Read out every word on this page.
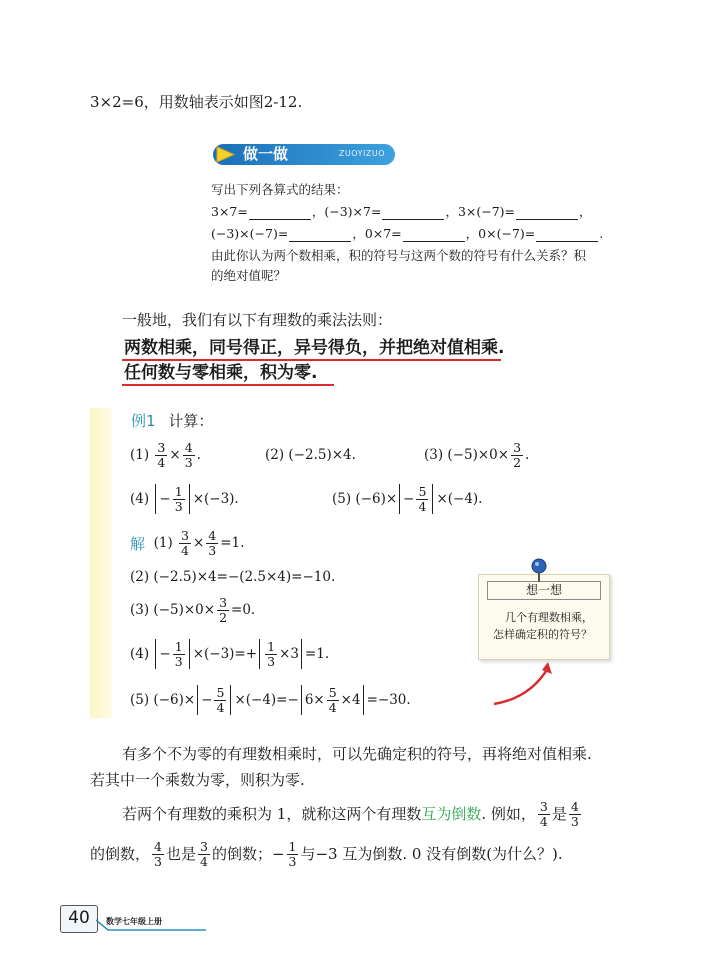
3×2=6，用数轴表示如图2-12.
做一做	ZUOYIZUO
写出下列各算式的结果：
3×7=	，(−3)×7=	，3×(−7)=	，
(−3)×(−7)=	，0×7=	，0×(−7)=	.
由此你认为两个数相乘，积的符号与这两个数的符号有什么关系？积
的绝对值呢？
一般地，我们有以下有理数的乘法法则：
两数相乘，同号得正，异号得负，并把绝对值相乘.
任何数与零相乘，积为零.
例1 计算：
(1)
$\frac{3}{4} \times \frac{4}{3}$ .	(2) (−2.5)×4.	(3)
$(-5)\times 0\times \frac{3}{2}$ .
(4)
− $\frac{1}{3} \times(-3)$.	(5)
$(-6)\times - \frac{5}{4} \times(-4)$.
解
(1)
$\frac{3}{4} \times \frac{4}{3} =1$.
(2) (−2.5)×4=−(2.5×4)=−10.
(3)
$(-5)\times 0\times \frac{3}{2} =0$.
(4)
− $\frac{1}{3} \times(-3)=+ \frac{1}{3} \times 3 =1$.
(5)
$(-6)\times - \frac{5}{4} \times(-4)=- 6\times \frac{5}{4} \times 4 =-30$.
想一想
几个有理数相乘，
怎样确定积的符号？
有多个不为零的有理数相乘时，可以先确定积的符号，再将绝对值相乘.
若其中一个乘数为零，则积为零.
若两个有理数的乘积为 1，就称这两个有理数 互为倒数 . 例如， $\frac{3}{4}$ 是 $\frac{4}{3}$
的倒数， $\frac{4}{3}$ 也是 $\frac{3}{4}$ 的倒数；− $\frac{1}{3}$ 与−3 互为倒数. 0 没有倒数(为什么？).
40	数学七年级上册
